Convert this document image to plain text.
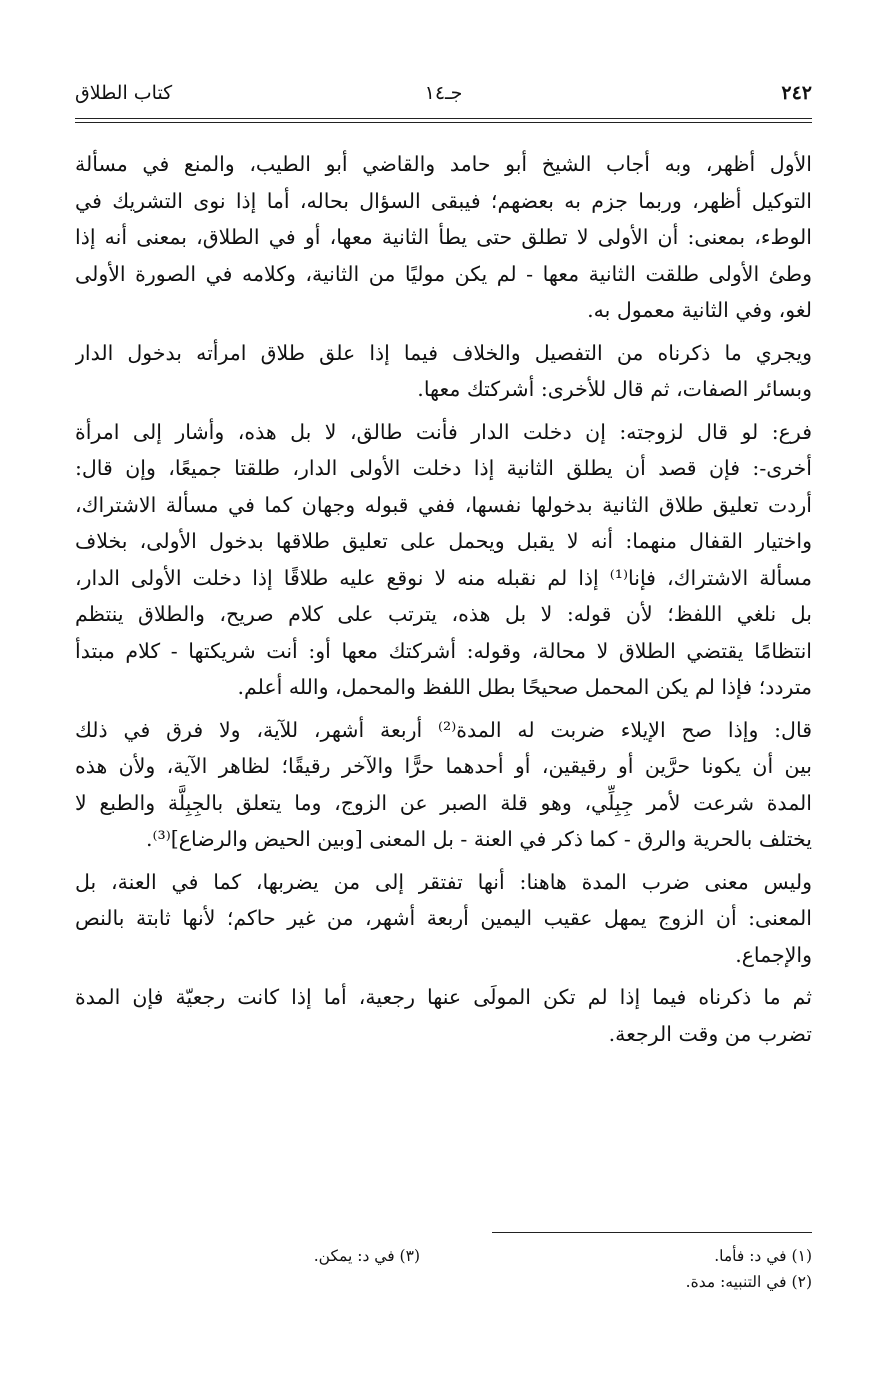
٢٤٢
جـ١٤
كتاب الطلاق
الأول أظهر، وبه أجاب الشيخ أبو حامد والقاضي أبو الطيب، والمنع في مسألة
التوكيل أظهر، وربما جزم به بعضهم؛ فيبقى السؤال بحاله، أما إذا نوى التشريك في
الوطء، بمعنى: أن الأولى لا تطلق حتى يطأ الثانية معها، أو في الطلاق، بمعنى أنه إذا
وطئ الأولى طلقت الثانية معها - لم يكن موليًا من الثانية، وكلامه في الصورة الأولى
لغو، وفي الثانية معمول به.
ويجري ما ذكرناه من التفصيل والخلاف فيما إذا علق طلاق امرأته بدخول الدار
وبسائر الصفات، ثم قال للأخرى: أشركتك معها.
فرع: لو قال لزوجته: إن دخلت الدار فأنت طالق، لا بل هذه، وأشار إلى امرأة
أخرى-: فإن قصد أن يطلق الثانية إذا دخلت الأولى الدار، طلقتا جميعًا، وإن قال:
أردت تعليق طلاق الثانية بدخولها نفسها، ففي قبوله وجهان كما في مسألة الاشتراك،
واختيار القفال منهما: أنه لا يقبل ويحمل على تعليق طلاقها بدخول الأولى، بخلاف
مسألة الاشتراك، فإنا⁽¹⁾ إذا لم نقبله منه لا نوقع عليه طلاقًا إذا دخلت الأولى الدار،
بل نلغي اللفظ؛ لأن قوله: لا بل هذه، يترتب على كلام صريح، والطلاق ينتظم
انتظامًا يقتضي الطلاق لا محالة، وقوله: أشركتك معها أو: أنت شريكتها - كلام مبتدأ
متردد؛ فإذا لم يكن المحمل صحيحًا بطل اللفظ والمحمل، والله أعلم.
قال: وإذا صح الإيلاء ضربت له المدة⁽²⁾ أربعة أشهر، للآية، ولا فرق في ذلك
بين أن يكونا حرَّين أو رقيقين، أو أحدهما حرًّا والآخر رقيقًا؛ لظاهر الآية، ولأن هذه
المدة شرعت لأمر جِبِلِّي، وهو قلة الصبر عن الزوج، وما يتعلق بالجِبِلَّة والطبع لا
يختلف بالحرية والرق - كما ذكر في العنة - بل المعنى [وبين الحيض والرضاع]⁽³⁾.
وليس معنى ضرب المدة هاهنا: أنها تفتقر إلى من يضربها، كما في العنة، بل
المعنى: أن الزوج يمهل عقيب اليمين أربعة أشهر، من غير حاكم؛ لأنها ثابتة بالنص
والإجماع.
ثم ما ذكرناه فيما إذا لم تكن المولَى عنها رجعية، أما إذا كانت رجعيّة فإن المدة
تضرب من وقت الرجعة.
(١) في د: فأما.
(٢) في التنبيه: مدة.
(٣) في د: يمكن.
